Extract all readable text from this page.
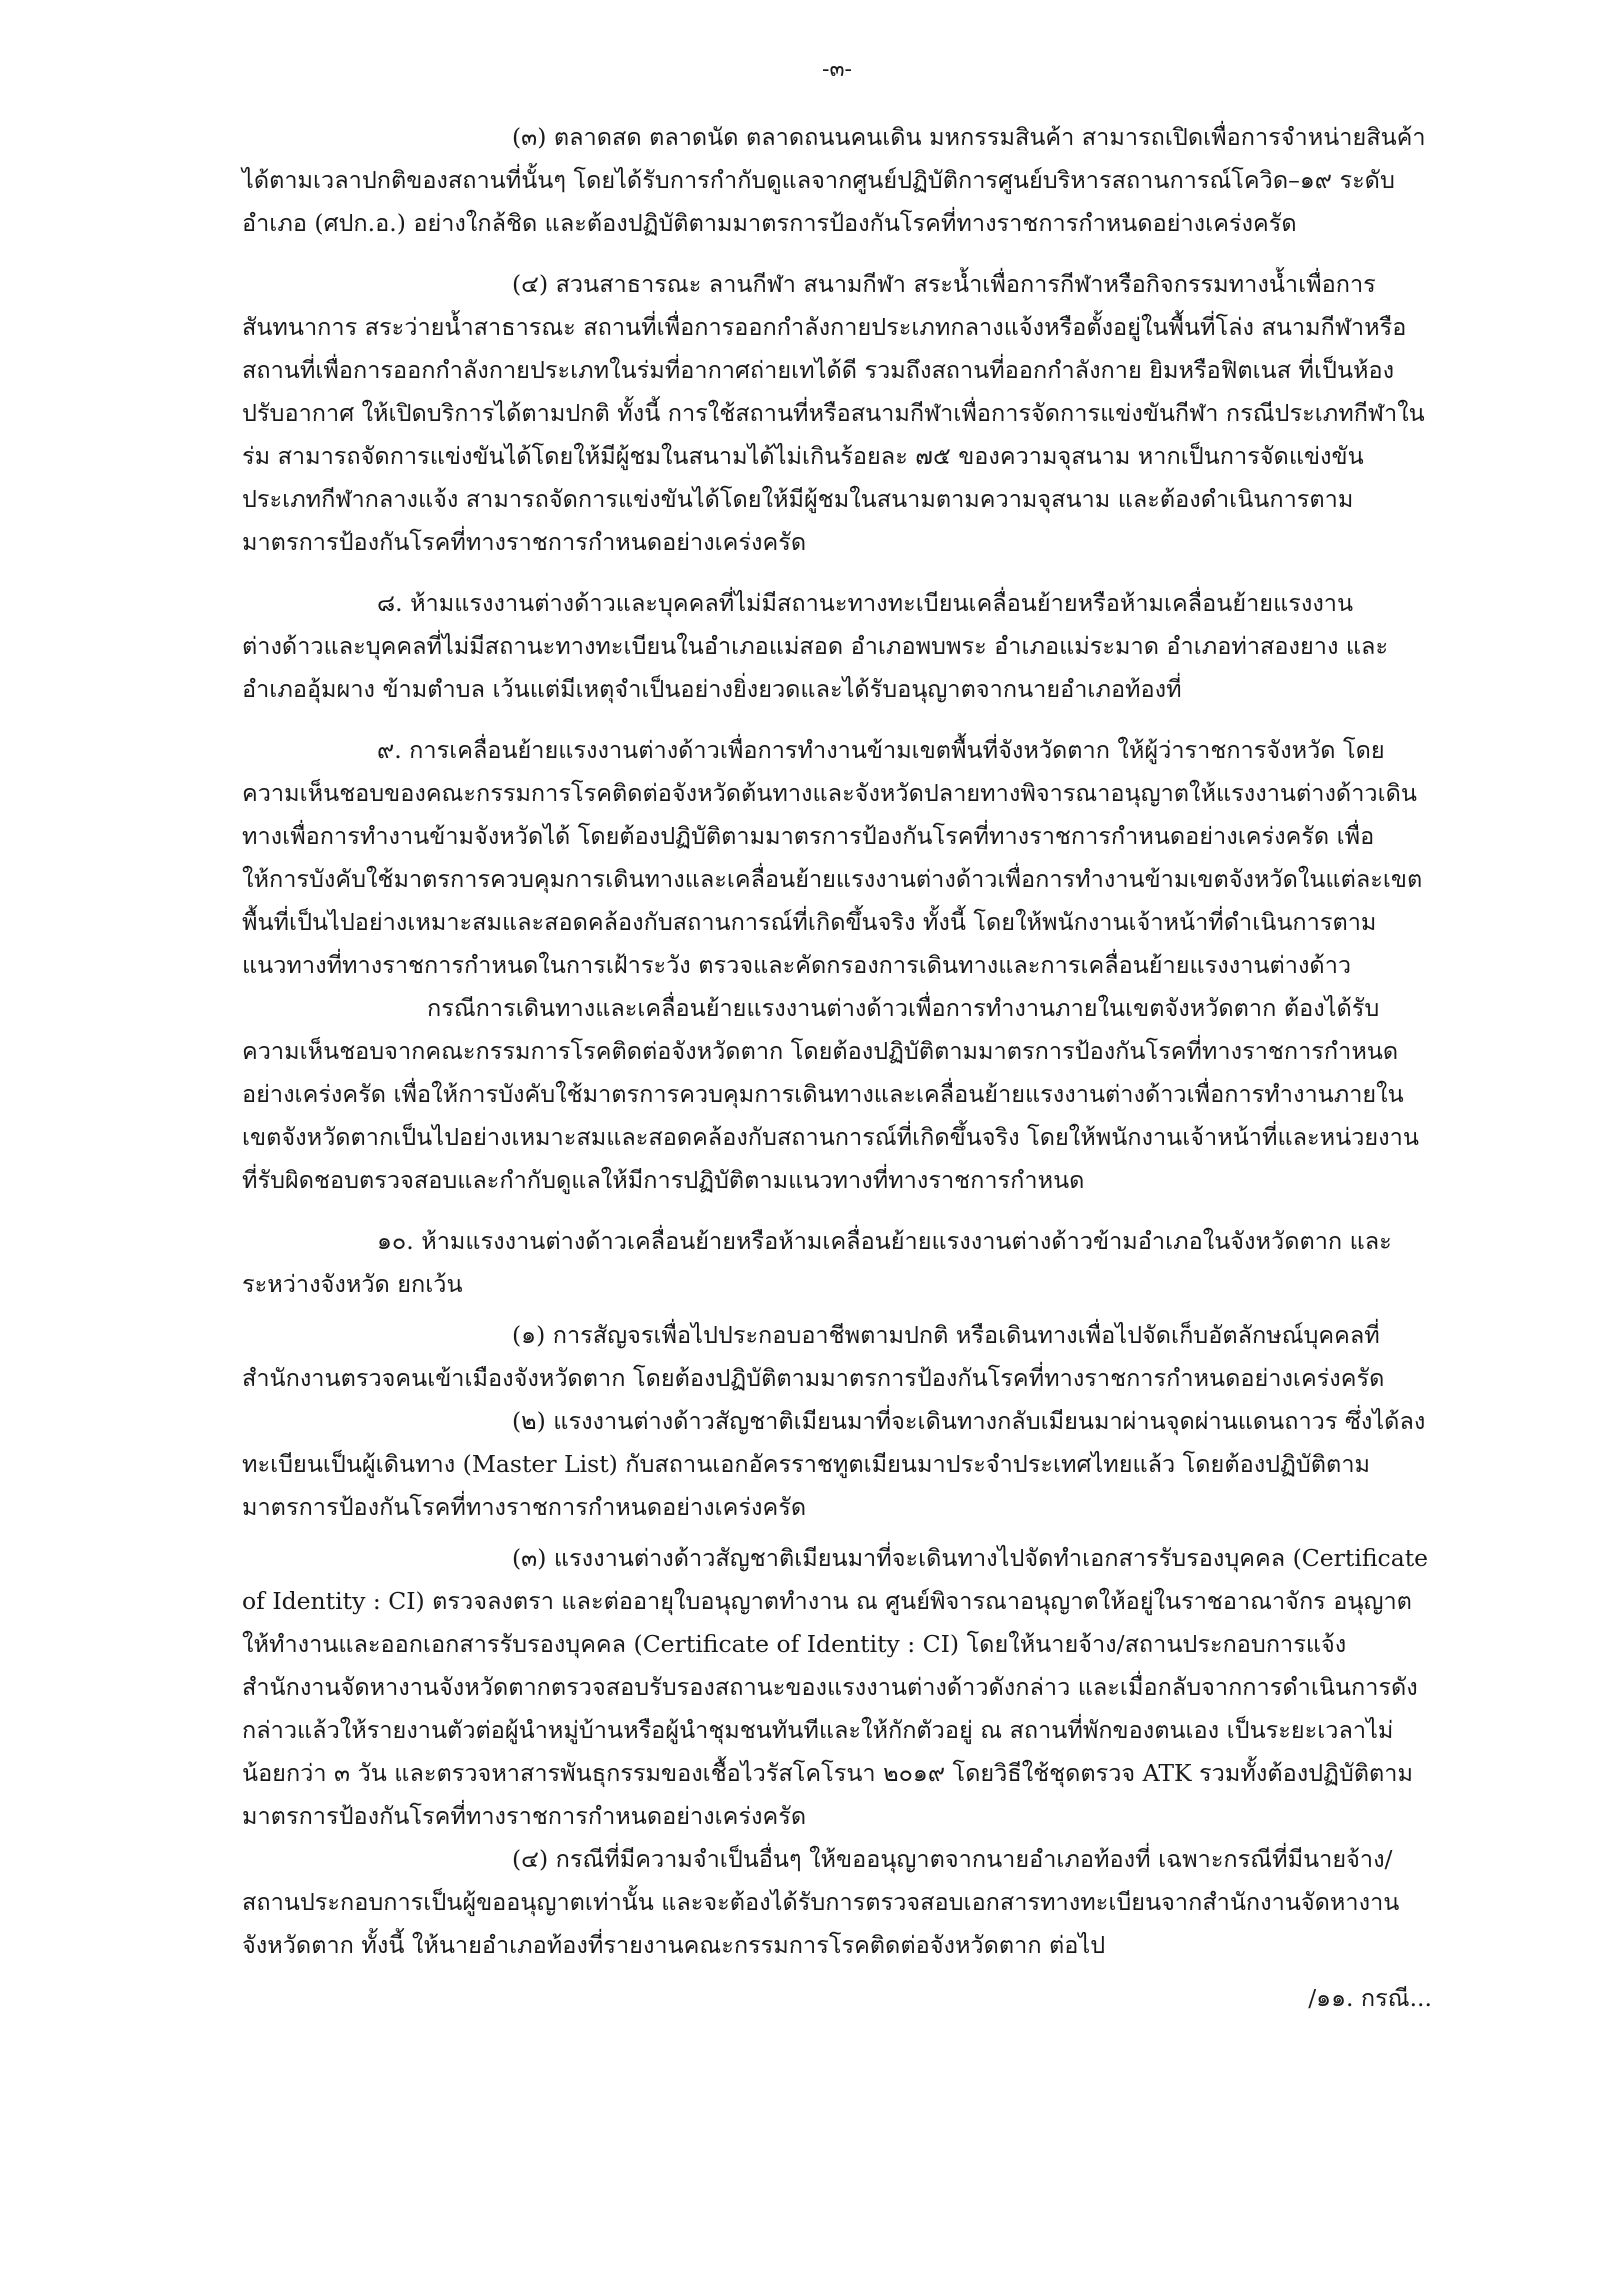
-๓-

(๓) ตลาดสด ตลาดนัด ตลาดถนนคนเดิน มหกรรมสินค้า สามารถเปิดเพื่อการจำหน่ายสินค้าได้ตามเวลาปกติของสถานที่นั้นๆ โดยได้รับการกำกับดูแลจากศูนย์ปฏิบัติการศูนย์บริหารสถานการณ์โควิด–๑๙ ระดับอำเภอ (ศปก.อ.) อย่างใกล้ชิด และต้องปฏิบัติตามมาตรการป้องกันโรคที่ทางราชการกำหนดอย่างเคร่งครัด

(๔) สวนสาธารณะ ลานกีฬา สนามกีฬา สระน้ำเพื่อการกีฬาหรือกิจกรรมทางน้ำเพื่อการสันทนาการ สระว่ายน้ำสาธารณะ สถานที่เพื่อการออกกำลังกายประเภทกลางแจ้งหรือตั้งอยู่ในพื้นที่โล่ง สนามกีฬาหรือสถานที่เพื่อการออกกำลังกายประเภทในร่มที่อากาศถ่ายเทได้ดี รวมถึงสถานที่ออกกำลังกาย ยิมหรือฟิตเนส ที่เป็นห้องปรับอากาศ ให้เปิดบริการได้ตามปกติ ทั้งนี้ การใช้สถานที่หรือสนามกีฬาเพื่อการจัดการแข่งขันกีฬา กรณีประเภทกีฬาในร่ม สามารถจัดการแข่งขันได้โดยให้มีผู้ชมในสนามได้ไม่เกินร้อยละ ๗๕ ของความจุสนาม หากเป็นการจัดแข่งขันประเภทกีฬากลางแจ้ง สามารถจัดการแข่งขันได้โดยให้มีผู้ชมในสนามตามความจุสนาม และต้องดำเนินการตามมาตรการป้องกันโรคที่ทางราชการกำหนดอย่างเคร่งครัด

๘. ห้ามแรงงานต่างด้าวและบุคคลที่ไม่มีสถานะทางทะเบียนเคลื่อนย้ายหรือห้ามเคลื่อนย้ายแรงงานต่างด้าวและบุคคลที่ไม่มีสถานะทางทะเบียนในอำเภอแม่สอด อำเภอพบพระ อำเภอแม่ระมาด อำเภอท่าสองยาง และอำเภออุ้มผาง ข้ามตำบล เว้นแต่มีเหตุจำเป็นอย่างยิ่งยวดและได้รับอนุญาตจากนายอำเภอท้องที่

๙. การเคลื่อนย้ายแรงงานต่างด้าวเพื่อการทำงานข้ามเขตพื้นที่จังหวัดตาก ให้ผู้ว่าราชการจังหวัด โดยความเห็นชอบของคณะกรรมการโรคติดต่อจังหวัดต้นทางและจังหวัดปลายทางพิจารณาอนุญาตให้แรงงานต่างด้าวเดินทางเพื่อการทำงานข้ามจังหวัดได้ โดยต้องปฏิบัติตามมาตรการป้องกันโรคที่ทางราชการกำหนดอย่างเคร่งครัด เพื่อให้การบังคับใช้มาตรการควบคุมการเดินทางและเคลื่อนย้ายแรงงานต่างด้าวเพื่อการทำงานข้ามเขตจังหวัดในแต่ละเขตพื้นที่เป็นไปอย่างเหมาะสมและสอดคล้องกับสถานการณ์ที่เกิดขึ้นจริง ทั้งนี้ โดยให้พนักงานเจ้าหน้าที่ดำเนินการตามแนวทางที่ทางราชการกำหนดในการเฝ้าระวัง ตรวจและคัดกรองการเดินทางและการเคลื่อนย้ายแรงงานต่างด้าว

กรณีการเดินทางและเคลื่อนย้ายแรงงานต่างด้าวเพื่อการทำงานภายในเขตจังหวัดตาก ต้องได้รับความเห็นชอบจากคณะกรรมการโรคติดต่อจังหวัดตาก โดยต้องปฏิบัติตามมาตรการป้องกันโรคที่ทางราชการกำหนดอย่างเคร่งครัด เพื่อให้การบังคับใช้มาตรการควบคุมการเดินทางและเคลื่อนย้ายแรงงานต่างด้าวเพื่อการทำงานภายในเขตจังหวัดตากเป็นไปอย่างเหมาะสมและสอดคล้องกับสถานการณ์ที่เกิดขึ้นจริง โดยให้พนักงานเจ้าหน้าที่และหน่วยงานที่รับผิดชอบตรวจสอบและกำกับดูแลให้มีการปฏิบัติตามแนวทางที่ทางราชการกำหนด

๑๐. ห้ามแรงงานต่างด้าวเคลื่อนย้ายหรือห้ามเคลื่อนย้ายแรงงานต่างด้าวข้ามอำเภอในจังหวัดตาก และระหว่างจังหวัด ยกเว้น

(๑) การสัญจรเพื่อไปประกอบอาชีพตามปกติ หรือเดินทางเพื่อไปจัดเก็บอัตลักษณ์บุคคลที่สำนักงานตรวจคนเข้าเมืองจังหวัดตาก โดยต้องปฏิบัติตามมาตรการป้องกันโรคที่ทางราชการกำหนดอย่างเคร่งครัด

(๒) แรงงานต่างด้าวสัญชาติเมียนมาที่จะเดินทางกลับเมียนมาผ่านจุดผ่านแดนถาวร ซึ่งได้ลงทะเบียนเป็นผู้เดินทาง (Master List) กับสถานเอกอัครราชทูตเมียนมาประจำประเทศไทยแล้ว โดยต้องปฏิบัติตามมาตรการป้องกันโรคที่ทางราชการกำหนดอย่างเคร่งครัด

(๓) แรงงานต่างด้าวสัญชาติเมียนมาที่จะเดินทางไปจัดทำเอกสารรับรองบุคคล (Certificate of Identity : CI) ตรวจลงตรา และต่ออายุใบอนุญาตทำงาน ณ ศูนย์พิจารณาอนุญาตให้อยู่ในราชอาณาจักร อนุญาตให้ทำงานและออกเอกสารรับรองบุคคล (Certificate of Identity : CI) โดยให้นายจ้าง/สถานประกอบการแจ้งสำนักงานจัดหางานจังหวัดตากตรวจสอบรับรองสถานะของแรงงานต่างด้าวดังกล่าว และเมื่อกลับจากการดำเนินการดังกล่าวแล้วให้รายงานตัวต่อผู้นำหมู่บ้านหรือผู้นำชุมชนทันทีและให้กักตัวอยู่ ณ สถานที่พักของตนเอง เป็นระยะเวลาไม่น้อยกว่า ๓ วัน และตรวจหาสารพันธุกรรมของเชื้อไวรัสโคโรนา ๒๐๑๙ โดยวิธีใช้ชุดตรวจ ATK รวมทั้งต้องปฏิบัติตามมาตรการป้องกันโรคที่ทางราชการกำหนดอย่างเคร่งครัด

(๔) กรณีที่มีความจำเป็นอื่นๆ ให้ขออนุญาตจากนายอำเภอท้องที่ เฉพาะกรณีที่มีนายจ้าง/สถานประกอบการเป็นผู้ขออนุญาตเท่านั้น และจะต้องได้รับการตรวจสอบเอกสารทางทะเบียนจากสำนักงานจัดหางานจังหวัดตาก ทั้งนี้ ให้นายอำเภอท้องที่รายงานคณะกรรมการโรคติดต่อจังหวัดตาก ต่อไป

/๑๑. กรณี...
